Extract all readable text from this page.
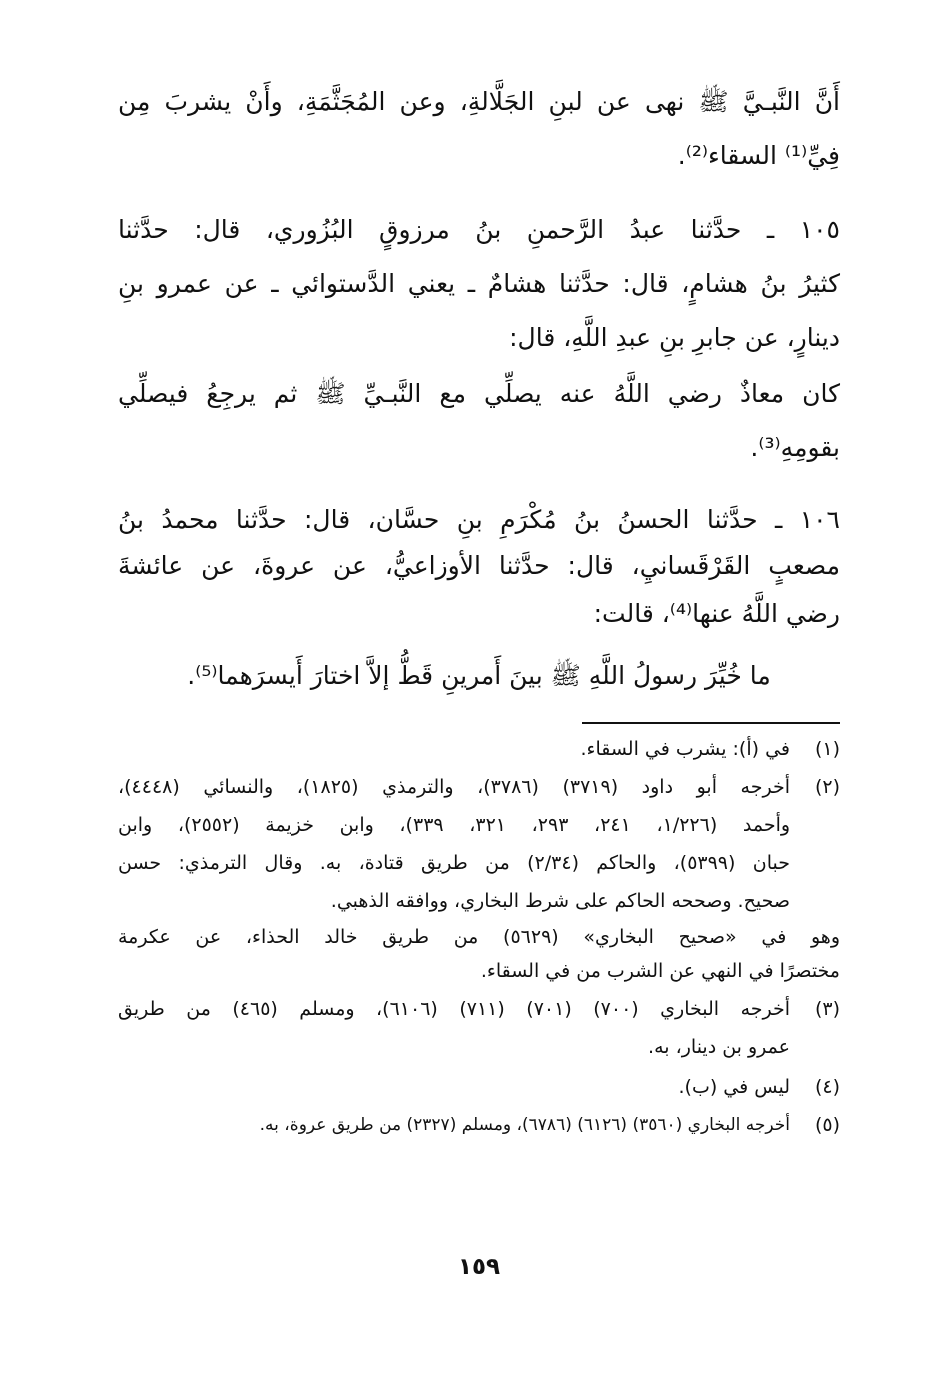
أَنَّ النَّبـيَّ ﷺ نهى عن لبنِ الجَلَّالةِ، وعن المُجَثَّمَةِ، وأَنْ يشربَ مِن
فِيِّ⁽¹⁾ السقاء⁽²⁾.
١٠٥ ـ حدَّثنا عبدُ الرَّحمنِ بنُ مرزوقٍ البُزُوري، قال: حدَّثنا
كثيرُ بنُ هشامٍ، قال: حدَّثنا هشامٌ ـ يعني الدَّستوائي ـ عن عمرو بنِ
دينارٍ، عن جابرِ بنِ عبدِ اللَّهِ، قال:
كان معاذٌ رضي اللَّهُ عنه يصلِّي مع النَّبـيِّ ﷺ ثم يرجِعُ فيصلِّي
بقومِهِ⁽³⁾.
١٠٦ ـ حدَّثنا الحسنُ بنُ مُكْرَمِ بنِ حسَّان، قال: حدَّثنا محمدُ بنُ
مصعبٍ القَرْقَسانيِ، قال: حدَّثنا الأوزاعيُّ، عن عروةَ، عن عائشةَ
رضي اللَّهُ عنها⁽⁴⁾، قالت:
ما خُيِّرَ رسولُ اللَّهِ ﷺ بينَ أَمرينِ قَطُّ إلاَّ اختارَ أَيسرَهما⁽⁵⁾.
(١)
في (أ): يشرب في السقاء.
(٢)
أخرجه أبو داود (٣٧١٩) (٣٧٨٦)، والترمذي (١٨٢٥)، والنسائي (٤٤٤٨)،
وأحمد (١/٢٢٦، ٢٤١، ٢٩٣، ٣٢١، ٣٣٩)، وابن خزيمة (٢٥٥٢)، وابن
حبان (٥٣٩٩)، والحاكم (٢/٣٤) من طريق قتادة، به. وقال الترمذي: حسن
صحيح. وصححه الحاكم على شرط البخاري، ووافقه الذهبي.
وهو في «صحيح البخاري» (٥٦٢٩) من طريق خالد الحذاء، عن عكرمة
مختصرًا في النهي عن الشرب من في السقاء.
(٣)
أخرجه البخاري (٧٠٠) (٧٠١) (٧١١) (٦١٠٦)، ومسلم (٤٦٥) من طريق
عمرو بن دينار، به.
(٤)
ليس في (ب).
(٥)
أخرجه البخاري (٣٥٦٠) (٦١٢٦) (٦٧٨٦)، ومسلم (٢٣٢٧) من طريق عروة، به.
١٥٩
